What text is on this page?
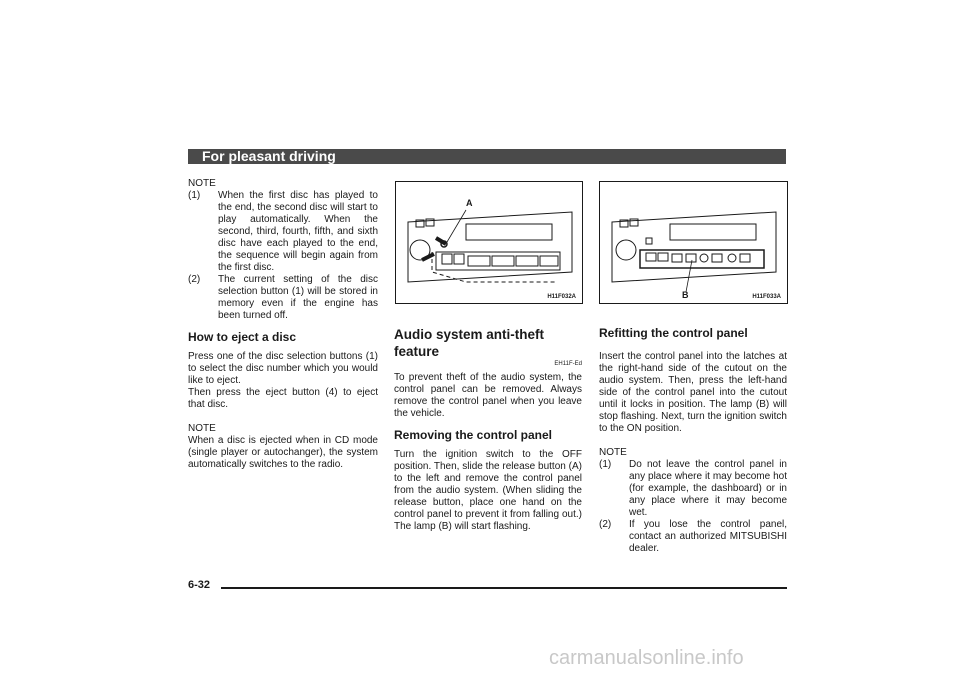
For pleasant driving

NOTE

(1) When the first disc has played to the end, the second disc will start to play automatically. When the second, third, fourth, fifth, and sixth disc have each played to the end, the sequence will begin again from the first disc.

(2) The current setting of the disc selection button (1) will be stored in memory even if the engine has been turned off.

How to eject a disc

Press one of the disc selection buttons (1) to select the disc number which you would like to eject.

Then press the eject button (4) to eject that disc.

NOTE

When a disc is ejected when in CD mode (single player or autochanger), the system automatically switches to the radio.

A
H11F032A	B	H11F033A

Audio system anti-theft feature

EH11F-Ed

To prevent theft of the audio system, the control panel can be removed. Always remove the control panel when you leave the vehicle.

Removing the control panel

Turn the ignition switch to the OFF position. Then, slide the release button (A) to the left and remove the control panel from the audio system. (When sliding the release button, place one hand on the control panel to prevent it from falling out.) The lamp (B) will start flashing.

Refitting the control panel

Insert the control panel into the latches at the right-hand side of the cutout on the audio system. Then, press the left-hand side of the control panel into the cutout until it locks in position. The lamp (B) will stop flashing. Next, turn the ignition switch to the ON position.

NOTE

(1) Do not leave the control panel in any place where it may become hot (for example, the dashboard) or in any place where it may become wet.

(2) If you lose the control panel, contact an authorized MITSUBISHI dealer.

6-32
carmanualsonline.info
